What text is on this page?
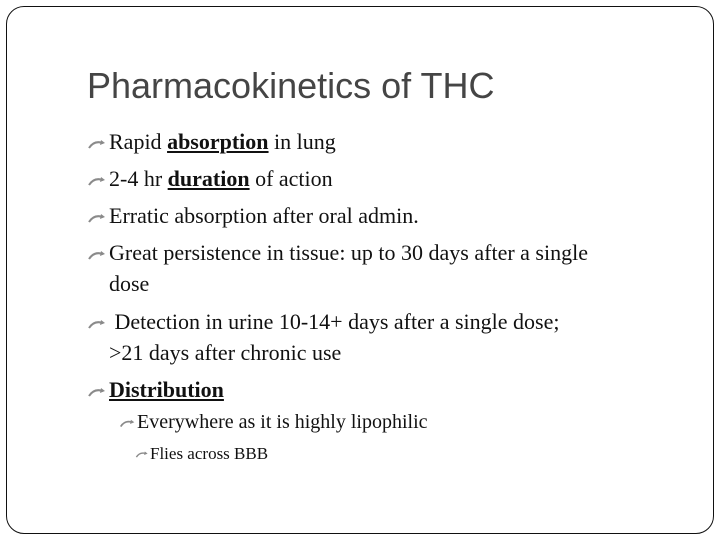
Pharmacokinetics of THC
Rapid absorption in lung
2-4 hr duration of action
Erratic absorption after oral admin.
Great persistence in tissue: up to 30 days after a single
dose
Detection in urine 10-14+ days after a single dose;
>21 days after chronic use
Distribution
Everywhere as it is highly lipophilic
Flies across BBB
